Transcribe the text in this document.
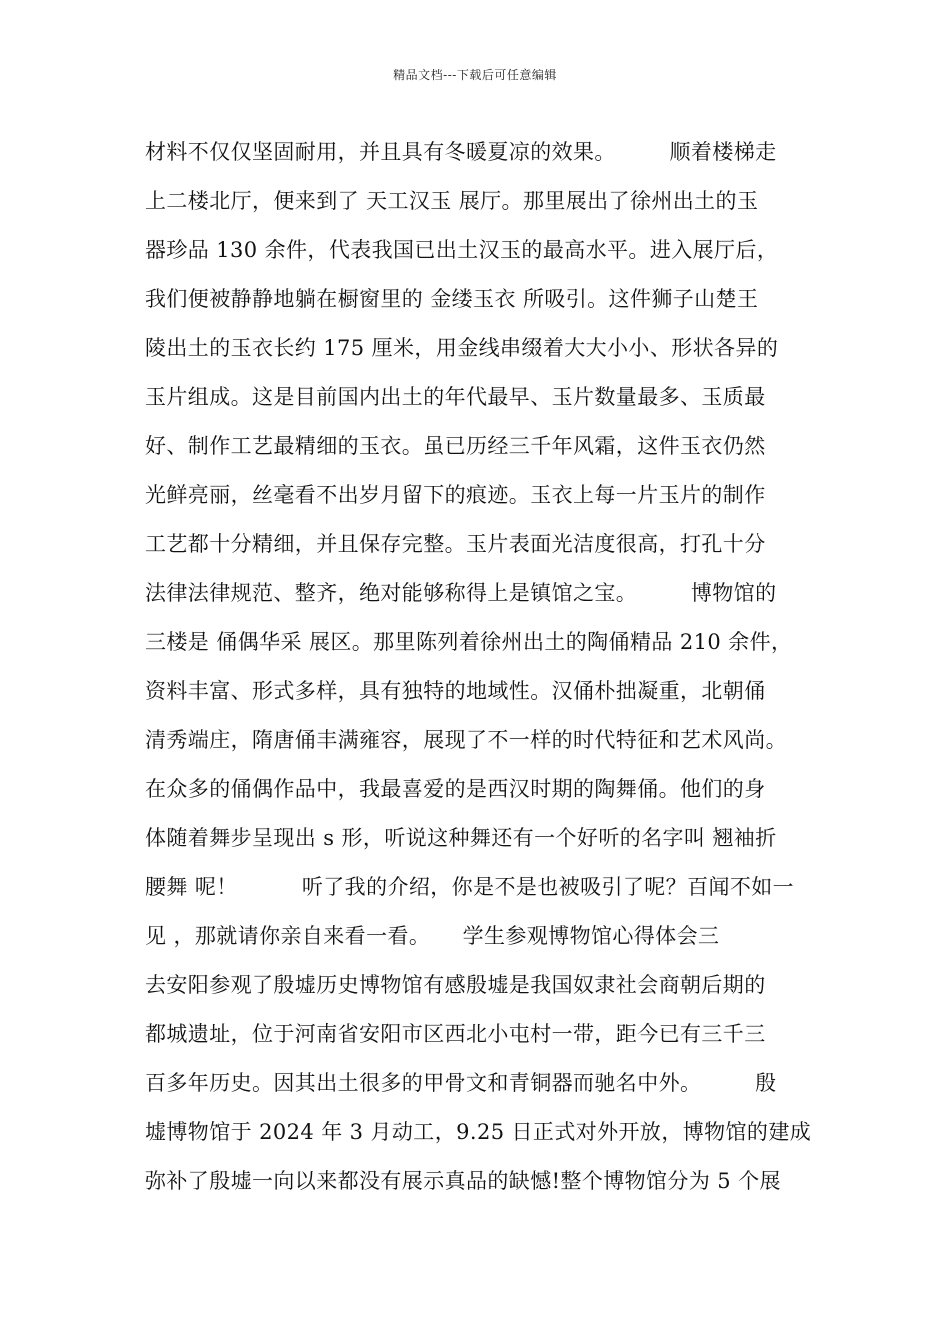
精品文档---下载后可任意编辑
材料不仅仅坚固耐用，并且具有冬暖夏凉的效果。　　　顺着楼梯走
上二楼北厅，便来到了 天工汉玉 展厅。那里展出了徐州出土的玉
器珍品 130 余件，代表我国已出土汉玉的最高水平。进入展厅后，
我们便被静静地躺在橱窗里的 金缕玉衣 所吸引。这件狮子山楚王
陵出土的玉衣长约 175 厘米，用金线串缀着大大小小、形状各异的
玉片组成。这是目前国内出土的年代最早、玉片数量最多、玉质最
好、制作工艺最精细的玉衣。虽已历经三千年风霜，这件玉衣仍然
光鲜亮丽，丝毫看不出岁月留下的痕迹。玉衣上每一片玉片的制作
工艺都十分精细，并且保存完整。玉片表面光洁度很高，打孔十分
法律法律规范、整齐，绝对能够称得上是镇馆之宝。　　　博物馆的
三楼是 俑偶华采 展区。那里陈列着徐州出土的陶俑精品 210 余件，
资料丰富、形式多样，具有独特的地域性。汉俑朴拙凝重，北朝俑
清秀端庄，隋唐俑丰满雍容，展现了不一样的时代特征和艺术风尚。
在众多的俑偶作品中，我最喜爱的是西汉时期的陶舞俑。他们的身
体随着舞步呈现出 s 形，听说这种舞还有一个好听的名字叫 翘袖折
腰舞 呢！　　　听了我的介绍，你是不是也被吸引了呢？百闻不如一
见 ，那就请你亲自来看一看。　　学生参观博物馆心得体会三
去安阳参观了殷墟历史博物馆有感殷墟是我国奴隶社会商朝后期的
都城遗址，位于河南省安阳市区西北小屯村一带，距今已有三千三
百多年历史。因其出土很多的甲骨文和青铜器而驰名中外。　　　殷
墟博物馆于 2024 年 3 月动工，9.25 日正式对外开放，博物馆的建成
弥补了殷墟一向以来都没有展示真品的缺憾!整个博物馆分为 5 个展
